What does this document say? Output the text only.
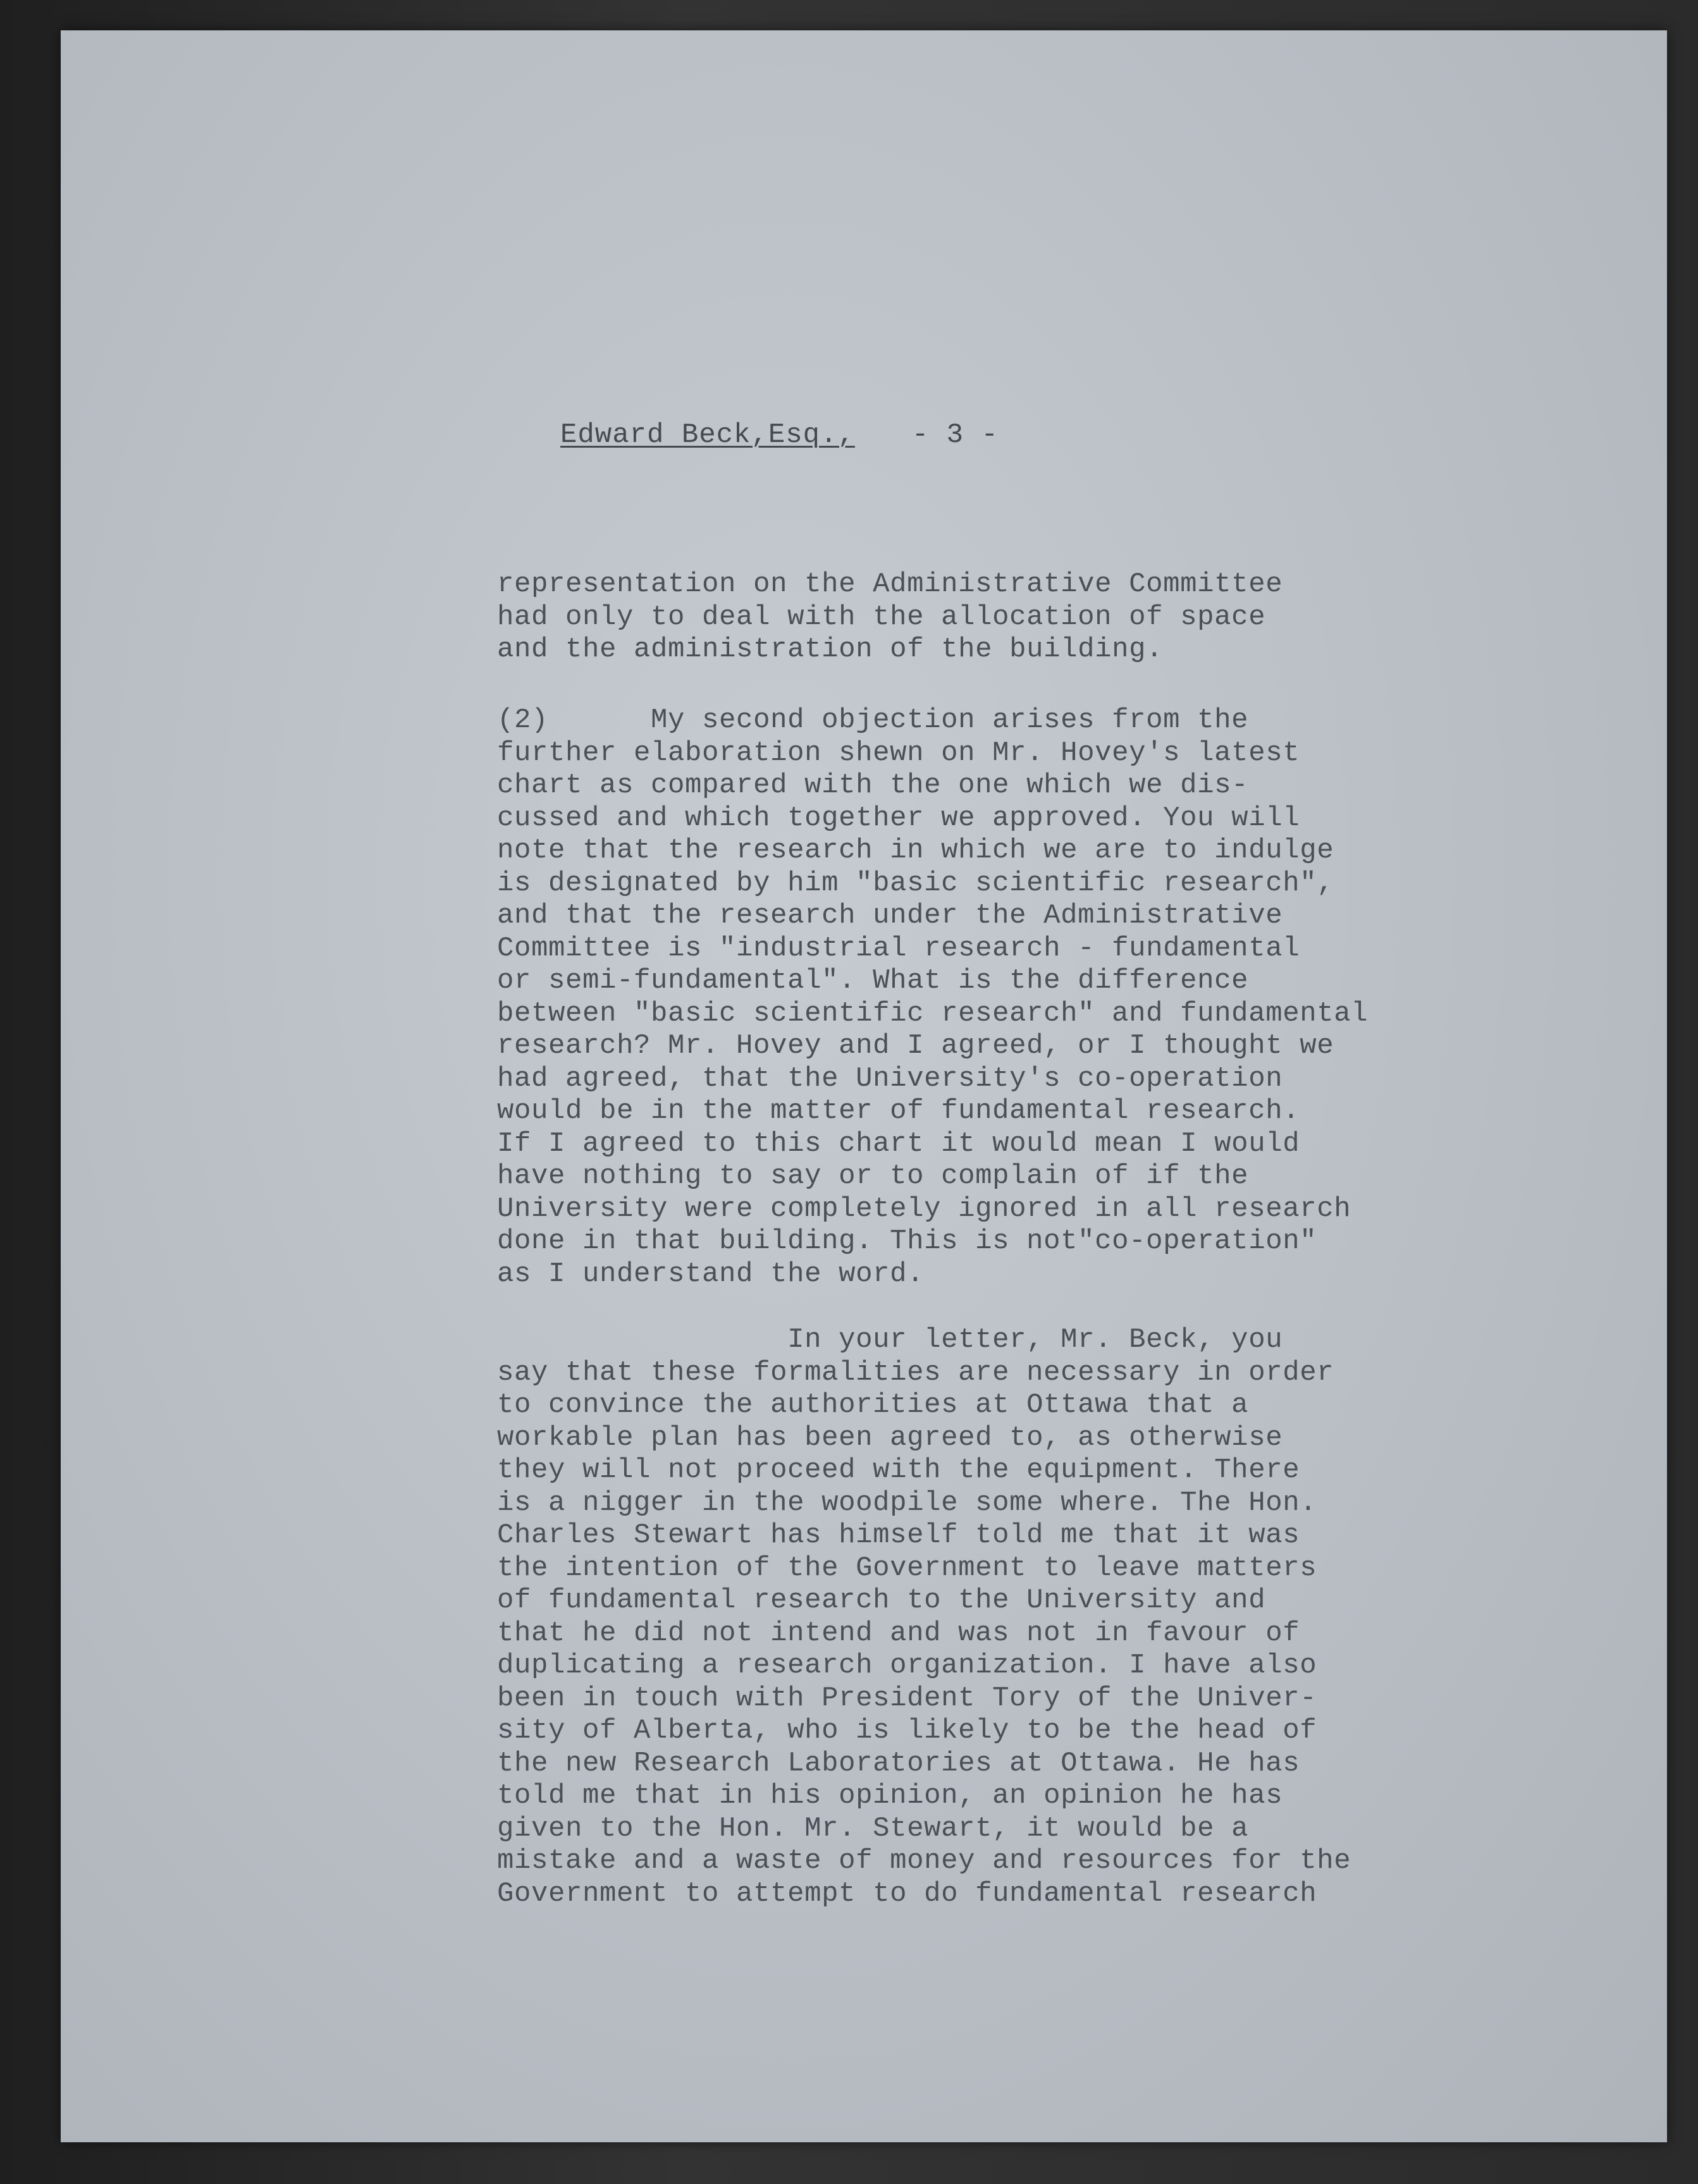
Edward Beck,Esq., - 3 -
representation on the Administrative Committee
had only to deal with the allocation of space
and the administration of the building.
(2)      My second objection arises from the
further elaboration shewn on Mr. Hovey's latest
chart as compared with the one which we dis-
cussed and which together we approved. You will
note that the research in which we are to indulge
is designated by him "basic scientific research",
and that the research under the Administrative
Committee is "industrial research - fundamental
or semi-fundamental". What is the difference
between "basic scientific research" and fundamental
research? Mr. Hovey and I agreed, or I thought we
had agreed, that the University's co-operation
would be in the matter of fundamental research.
If I agreed to this chart it would mean I would
have nothing to say or to complain of if the
University were completely ignored in all research
done in that building. This is not"co-operation"
as I understand the word.
In your letter, Mr. Beck, you
say that these formalities are necessary in order
to convince the authorities at Ottawa that a
workable plan has been agreed to, as otherwise
they will not proceed with the equipment. There
is a nigger in the woodpile some where. The Hon.
Charles Stewart has himself told me that it was
the intention of the Government to leave matters
of fundamental research to the University and
that he did not intend and was not in favour of
duplicating a research organization. I have also
been in touch with President Tory of the Univer-
sity of Alberta, who is likely to be the head of
the new Research Laboratories at Ottawa. He has
told me that in his opinion, an opinion he has
given to the Hon. Mr. Stewart, it would be a
mistake and a waste of money and resources for the
Government to attempt to do fundamental research
